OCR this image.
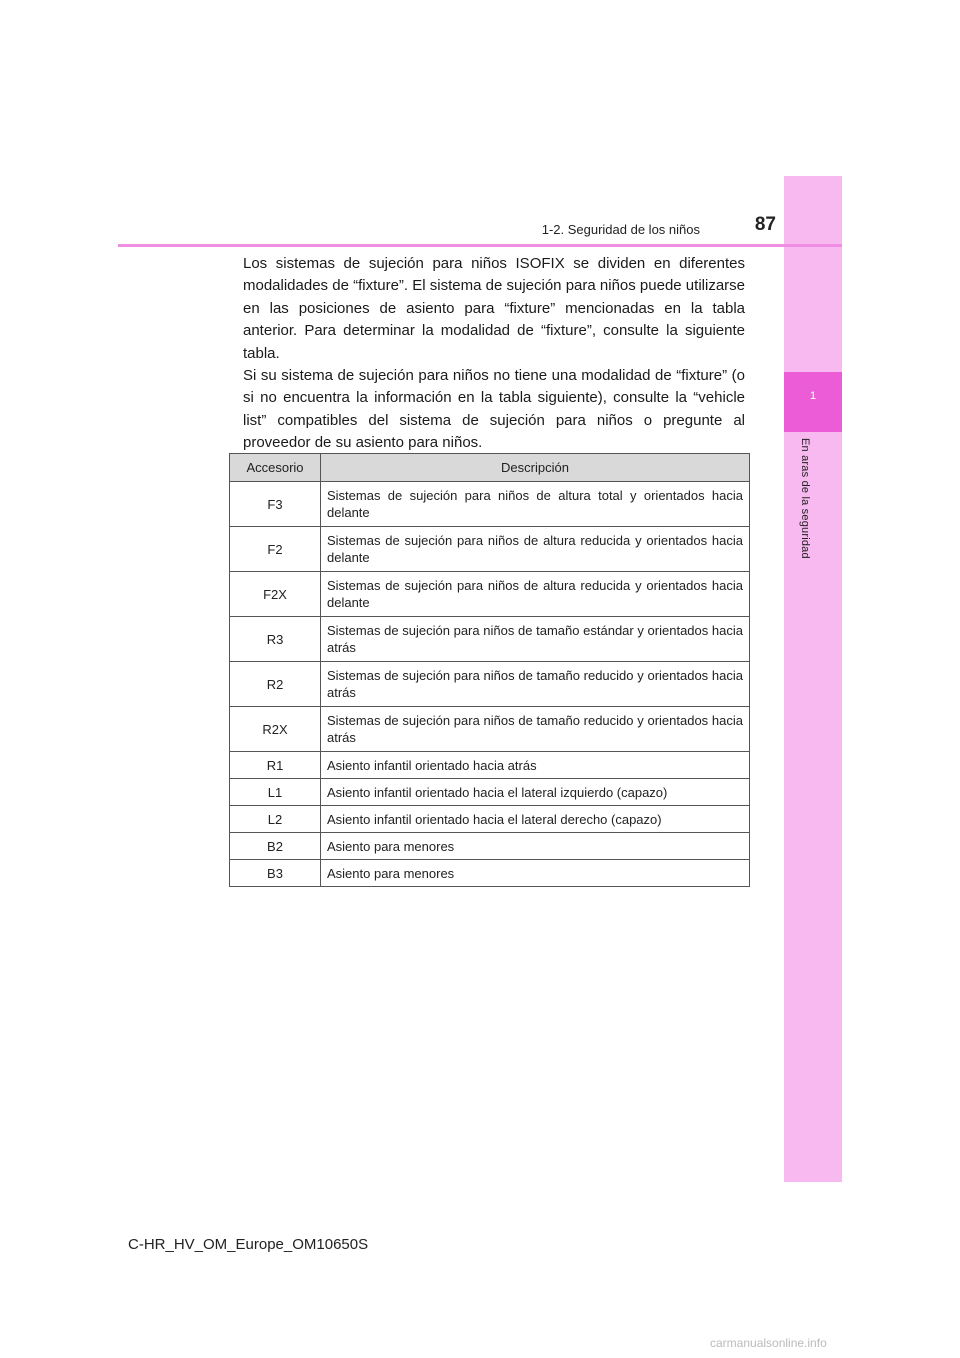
1
En aras de la seguridad
1-2. Seguridad de los niños	87

Los sistemas de sujeción para niños ISOFIX se dividen en diferentes modalidades de “fixture”. El sistema de sujeción para niños puede utilizarse en las posiciones de asiento para “fixture” mencionadas en la tabla anterior. Para determinar la modalidad de “fixture”, consulte la siguiente tabla.

Si su sistema de sujeción para niños no tiene una modalidad de “fixture” (o si no encuentra la información en la tabla siguiente), consulte la “vehicle list” compatibles del sistema de sujeción para niños o pregunte al proveedor de su asiento para niños.

Accesorio	Descripción
F3	Sistemas de sujeción para niños de altura total y orientados hacia delante
F2	Sistemas de sujeción para niños de altura reducida y orientados hacia delante
F2X	Sistemas de sujeción para niños de altura reducida y orientados hacia delante
R3	Sistemas de sujeción para niños de tamaño estándar y orientados hacia atrás
R2	Sistemas de sujeción para niños de tamaño reducido y orientados hacia atrás
R2X	Sistemas de sujeción para niños de tamaño reducido y orientados hacia atrás
R1	Asiento infantil orientado hacia atrás
L1	Asiento infantil orientado hacia el lateral izquierdo (capazo)
L2	Asiento infantil orientado hacia el lateral derecho (capazo)
B2	Asiento para menores
B3	Asiento para menores
C-HR_HV_OM_Europe_OM10650S
carmanualsonline.info
